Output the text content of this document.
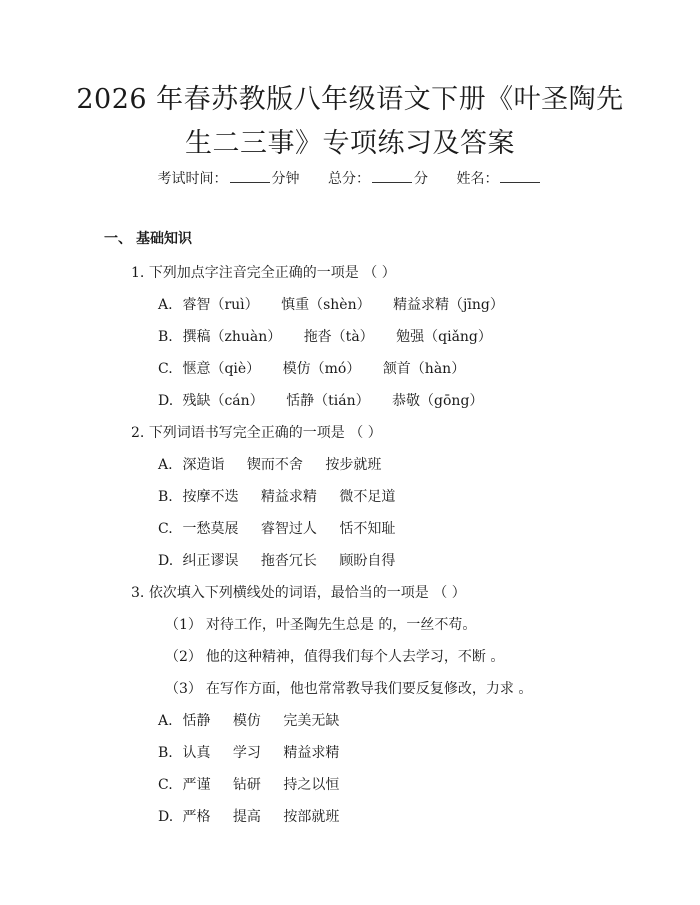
2026 年春苏教版八年级语文下册《叶圣陶先
生二三事》专项练习及答案
考试时间：	分钟 总分：	分 姓名：
一、 基础知识
1. 下列加点字注音完全正确的一项是 （ ）
A. 睿智（ruì） 慎重（shèn） 精益求精（jīng）
B. 撰稿（zhuàn） 拖沓（tà） 勉强（qiǎng）
C. 惬意（qiè） 模仿（mó） 颔首（hàn）
D. 残缺（cán） 恬静（tián） 恭敬（gōng）
2. 下列词语书写完全正确的一项是 （ ）
A. 深造诣 锲而不舍 按步就班
B. 按摩不迭 精益求精 微不足道
C. 一愁莫展 睿智过人 恬不知耻
D. 纠正谬误 拖沓冗长 顾盼自得
3. 依次填入下列横线处的词语，最恰当的一项是 （ ）
（1） 对待工作，叶圣陶先生总是 的，一丝不苟。
（2） 他的这种精神，值得我们每个人去学习，不断 。
（3） 在写作方面，他也常常教导我们要反复修改，力求 。
A. 恬静 模仿 完美无缺
B. 认真 学习 精益求精
C. 严谨 钻研 持之以恒
D. 严格 提高 按部就班
